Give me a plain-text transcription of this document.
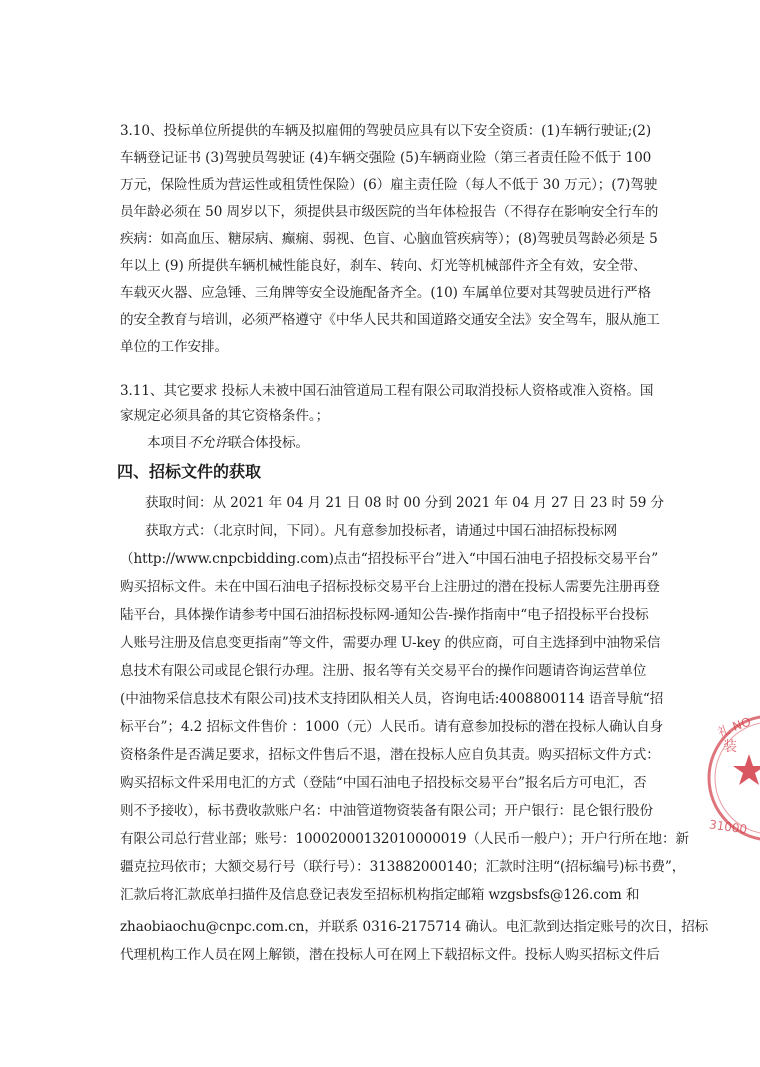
3.10、投标单位所提供的车辆及拟雇佣的驾驶员应具有以下安全资质：(1)车辆行驶证;(2)
车辆登记证书 (3)驾驶员驾驶证 (4)车辆交强险 (5)车辆商业险（第三者责任险不低于 100
万元，保险性质为营运性或租赁性保险）(6）雇主责任险（每人不低于 30 万元）；(7)驾驶
员年龄必须在 50 周岁以下，须提供县市级医院的当年体检报告（不得存在影响安全行车的
疾病：如高血压、糖尿病、癫痫、弱视、色盲、心脑血管疾病等）；(8)驾驶员驾龄必须是 5
年以上 (9) 所提供车辆机械性能良好，刹车、转向、灯光等机械部件齐全有效，安全带、
车载灭火器、应急锤、三角牌等安全设施配备齐全。(10) 车属单位要对其驾驶员进行严格
的安全教育与培训，必须严格遵守《中华人民共和国道路交通安全法》安全驾车，服从施工
单位的工作安排。
3.11、其它要求 投标人未被中国石油管道局工程有限公司取消投标人资格或准入资格。国
家规定必须具备的其它资格条件。；
本项目不允许联合体投标。
四、招标文件的获取
获取时间：从 2021 年 04 月 21 日 08 时 00 分到 2021 年 04 月 27 日 23 时 59 分
获取方式：（北京时间，下同）。凡有意参加投标者，请通过中国石油招标投标网
（http://www.cnpcbidding.com)点击“招投标平台”进入“中国石油电子招投标交易平台”
购买招标文件。未在中国石油电子招标投标交易平台上注册过的潜在投标人需要先注册再登
陆平台，具体操作请参考中国石油招标投标网-通知公告-操作指南中“电子招投标平台投标
人账号注册及信息变更指南”等文件，需要办理 U-key 的供应商，可自主选择到中油物采信
息技术有限公司或昆仑银行办理。注册、报名等有关交易平台的操作问题请咨询运营单位
(中油物采信息技术有限公司)技术支持团队相关人员，咨询电话:4008800114 语音导航“招
标平台”；4.2 招标文件售价 ：1000（元）人民币。请有意参加投标的潜在投标人确认自身
资格条件是否满足要求，招标文件售后不退，潜在投标人应自负其责。购买招标文件方式：
购买招标文件采用电汇的方式（登陆“中国石油电子招投标交易平台”报名后方可电汇，否
则不予接收），标书费收款账户名：中油管道物资装备有限公司；开户银行：昆仑银行股份
有限公司总行营业部；账号：10002000132010000019（人民币一般户）；开户行所在地：新
疆克拉玛依市；大额交易行号（联行号）：313882000140；汇款时注明“(招标编号)标书费”，
汇款后将汇款底单扫描件及信息登记表发至招标机构指定邮箱 wzgsbsfs@126.com 和
zhaobiaochu@cnpc.com.cn，并联系 0316-2175714 确认。电汇款到达指定账号的次日，招标
代理机构工作人员在网上解锁，潜在投标人可在网上下载招标文件。投标人购买招标文件后
礼 NO
装
31000
